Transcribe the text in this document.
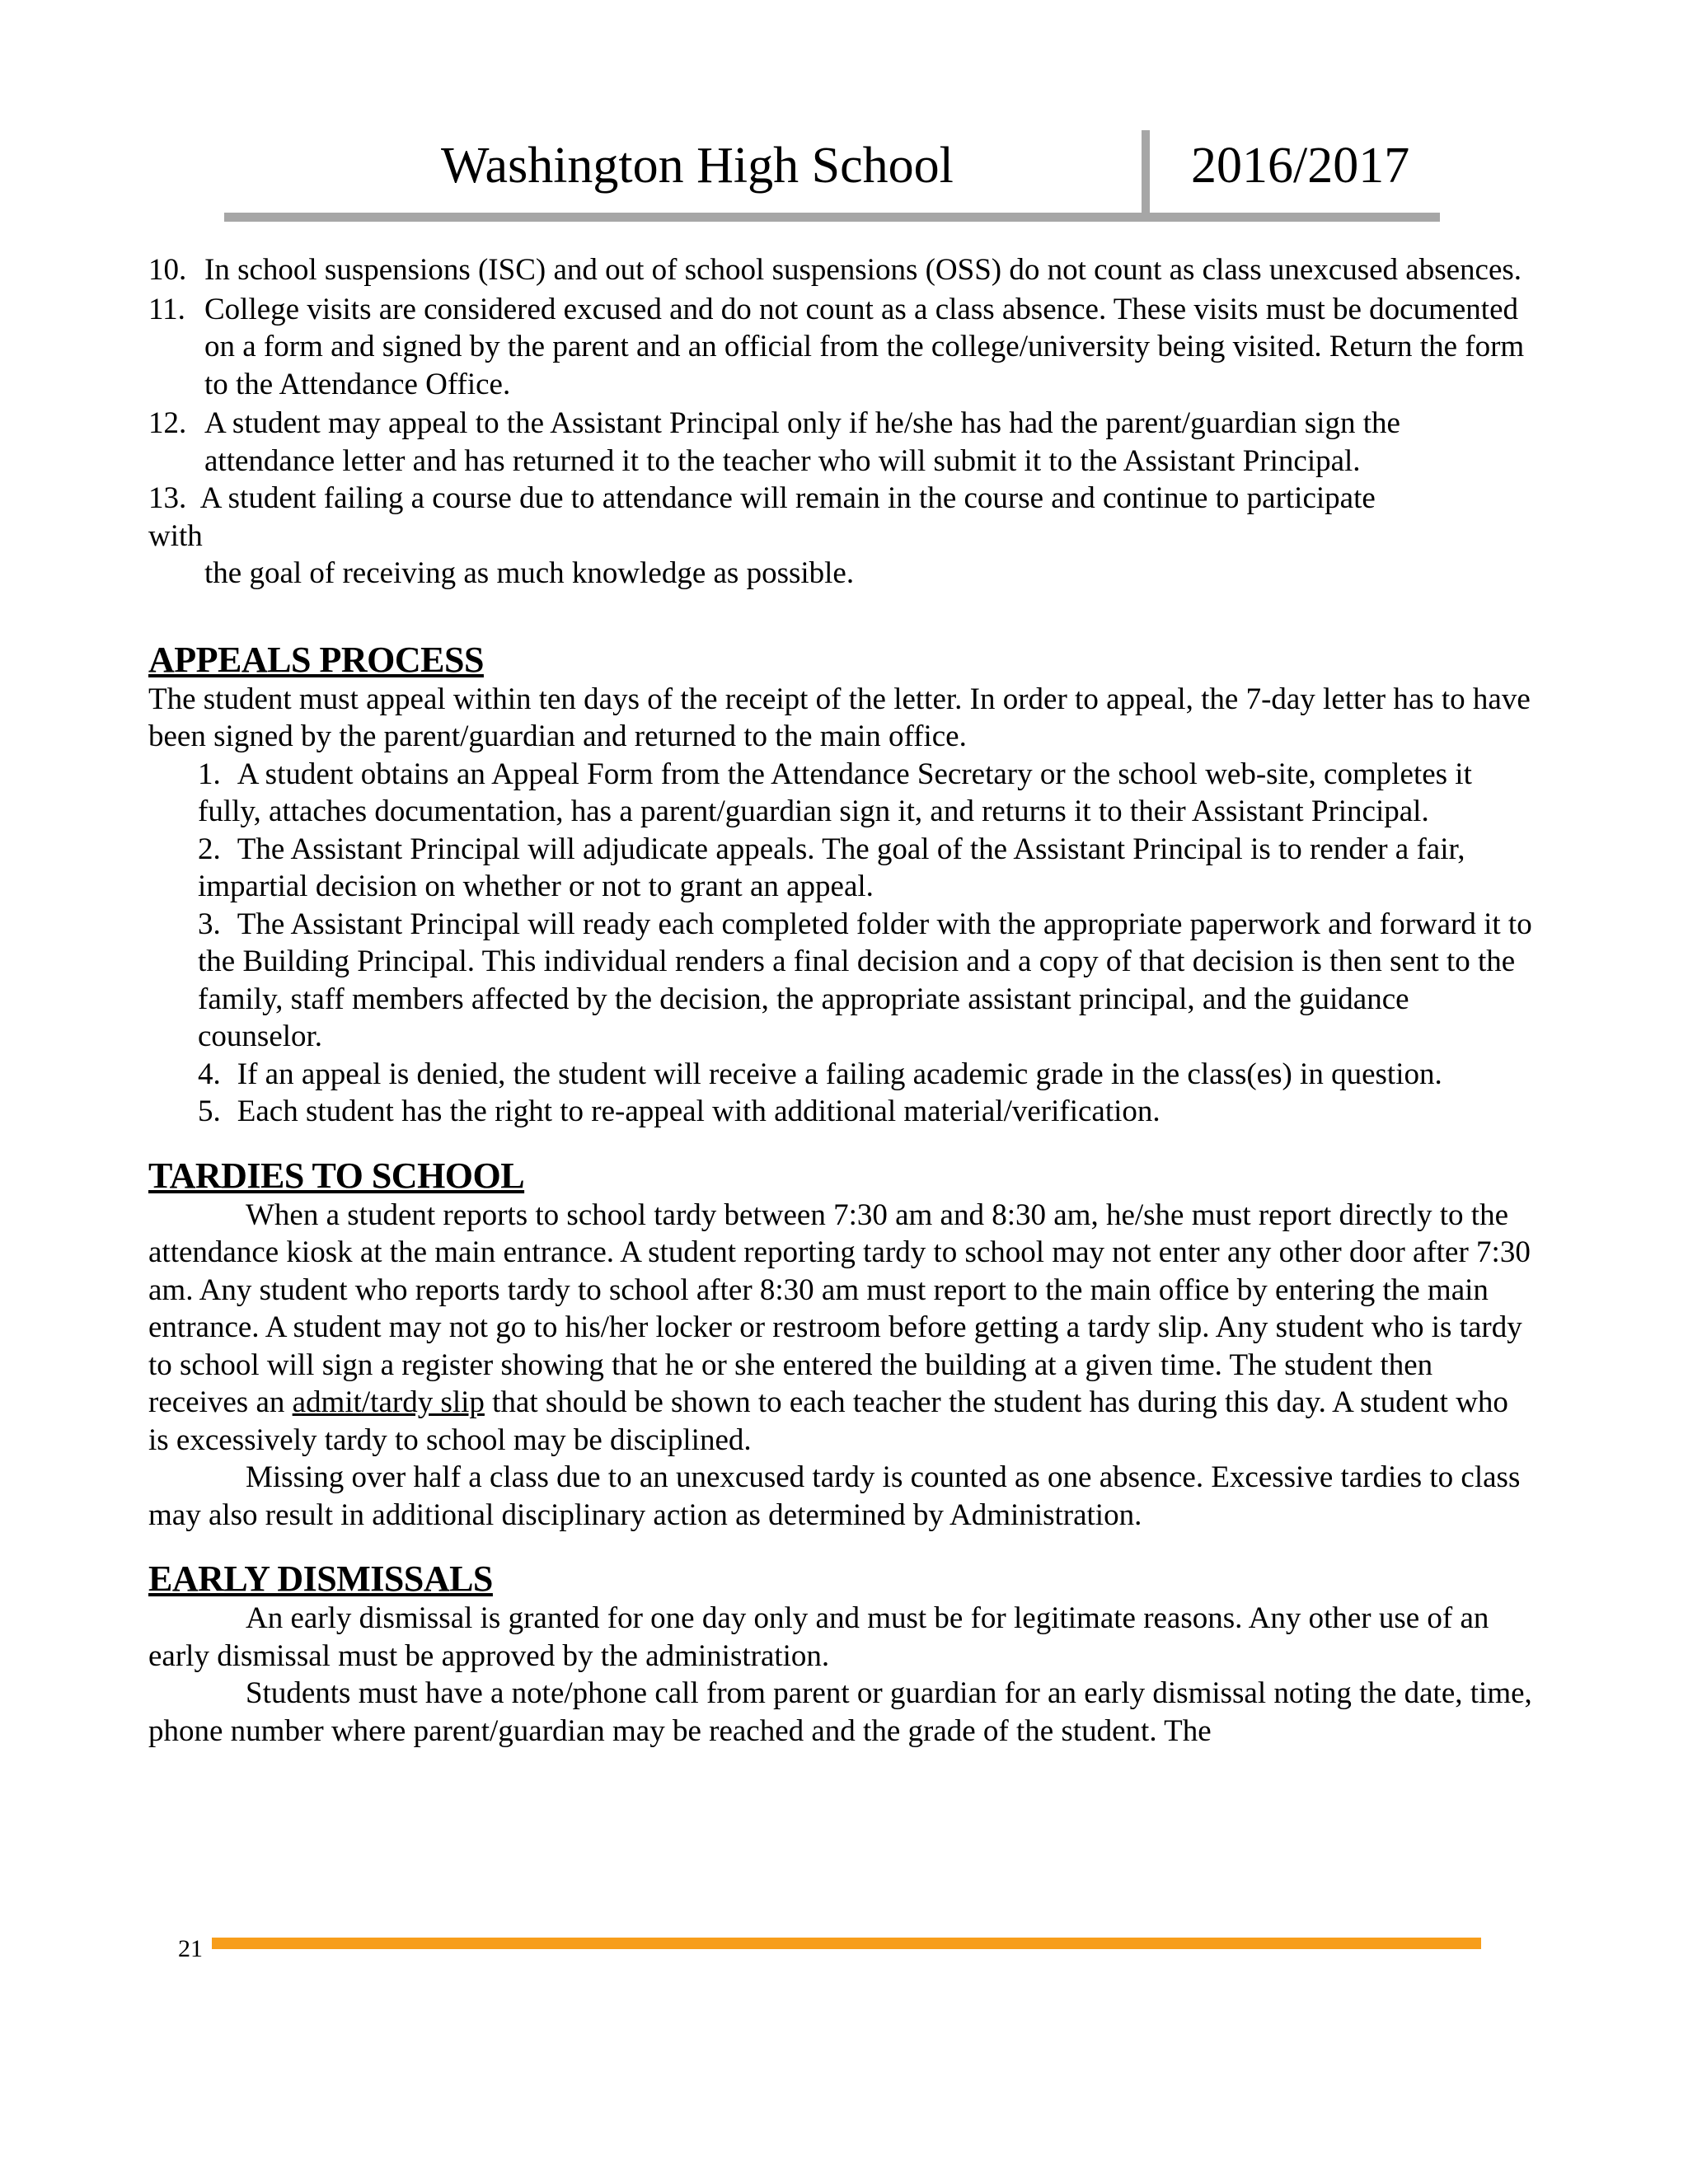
Washington High School	2016/2017
10. In school suspensions (ISC) and out of school suspensions (OSS) do not count as class unexcused absences.
11. College visits are considered excused and do not count as a class absence. These visits must be documented on a form and signed by the parent and an official from the college/university being visited. Return the form to the Attendance Office.
12. A student may appeal to the Assistant Principal only if he/she has had the parent/guardian sign the attendance letter and has returned it to the teacher who will submit it to the Assistant Principal.
13. A student failing a course due to attendance will remain in the course and continue to participate
with
the goal of receiving as much knowledge as possible.
APPEALS PROCESS

The student must appeal within ten days of the receipt of the letter. In order to appeal, the 7-day letter has to have been signed by the parent/guardian and returned to the main office.

1. A student obtains an Appeal Form from the Attendance Secretary or the school web-site, completes it fully, attaches documentation, has a parent/guardian sign it, and returns it to their Assistant Principal.
2. The Assistant Principal will adjudicate appeals. The goal of the Assistant Principal is to render a fair, impartial decision on whether or not to grant an appeal.
3. The Assistant Principal will ready each completed folder with the appropriate paperwork and forward it to the Building Principal. This individual renders a final decision and a copy of that decision is then sent to the family, staff members affected by the decision, the appropriate assistant principal, and the guidance counselor.
4. If an appeal is denied, the student will receive a failing academic grade in the class(es) in question.
5. Each student has the right to re-appeal with additional material/verification.
TARDIES TO SCHOOL

When a student reports to school tardy between 7:30 am and 8:30 am, he/she must report directly to the attendance kiosk at the main entrance. A student reporting tardy to school may not enter any other door after 7:30 am. Any student who reports tardy to school after 8:30 am must report to the main office by entering the main entrance. A student may not go to his/her locker or restroom before getting a tardy slip. Any student who is tardy to school will sign a register showing that he or she entered the building at a given time. The student then receives an admit/tardy slip that should be shown to each teacher the student has during this day. A student who is excessively tardy to school may be disciplined.

Missing over half a class due to an unexcused tardy is counted as one absence. Excessive tardies to class may also result in additional disciplinary action as determined by Administration.

EARLY DISMISSALS

An early dismissal is granted for one day only and must be for legitimate reasons. Any other use of an early dismissal must be approved by the administration.

Students must have a note/phone call from parent or guardian for an early dismissal noting the date, time, phone number where parent/guardian may be reached and the grade of the student. The

21
